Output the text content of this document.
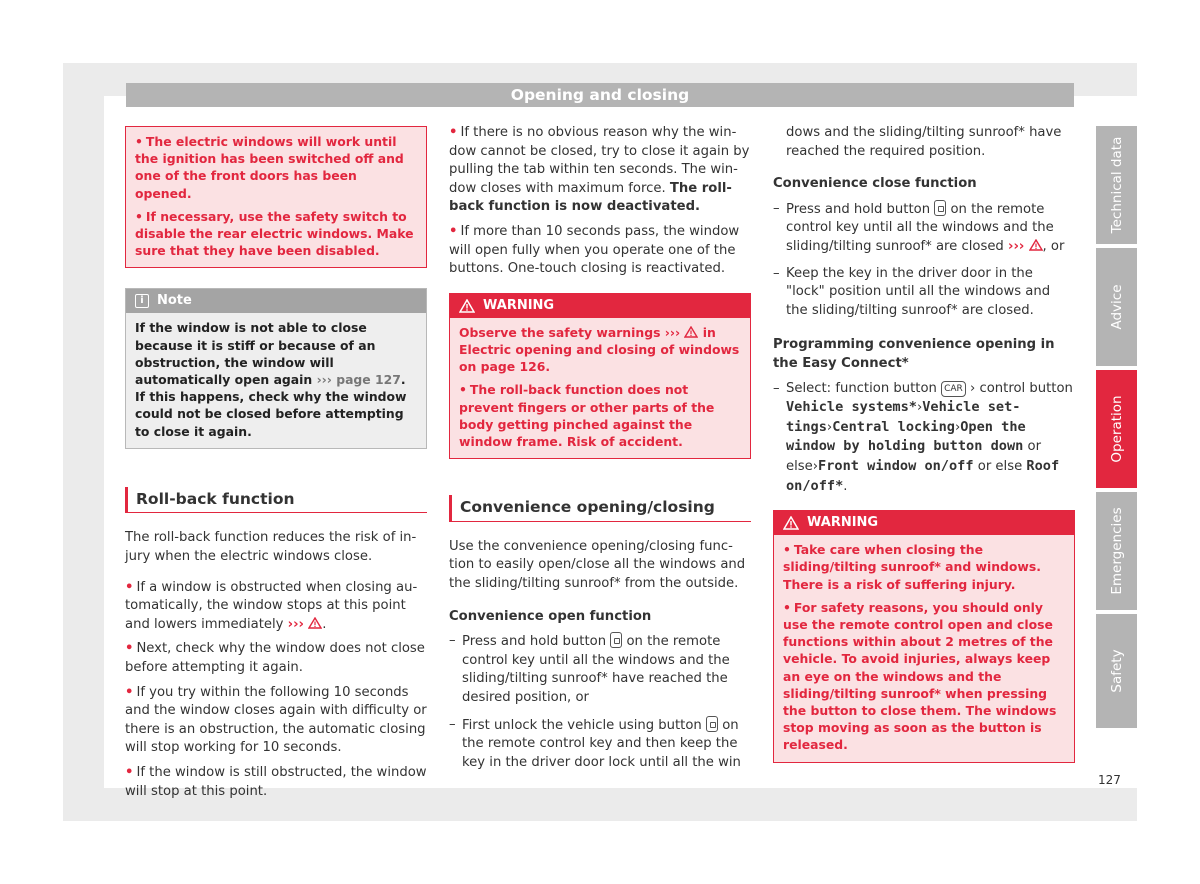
Opening and closing

• The electric windows will work until the ignition has been switched off and one of the front doors has been opened.

• If necessary, use the safety switch to disable the rear electric windows. Make sure that they have been disabled.

i	Note
If the window is not able to close because it is stiff or because of an obstruction, the window will automatically open again ››› page 127. If this happens, check why the window could not be closed before attempting to close it again.
Roll-back function

The roll-back function reduces the risk of injury when the electric windows close.

• If a window is obstructed when closing automatically, the window stops at this point and lowers immediately ››› .

• Next, check why the window does not close before attempting it again.

• If you try within the following 10 seconds and the window closes again with difficulty or there is an obstruction, the automatic closing will stop working for 10 seconds.

• If the window is still obstructed, the window will stop at this point.

• If there is no obvious reason why the window cannot be closed, try to close it again by pulling the tab within ten seconds. The window closes with maximum force. The roll-back function is now deactivated.

• If more than 10 seconds pass, the window will open fully when you operate one of the buttons. One-touch closing is reactivated.

WARNING

Observe the safety warnings ››› in Electric opening and closing of windows on page 126.

• The roll-back function does not prevent fingers or other parts of the body getting pinched against the window frame. Risk of accident.

Convenience opening/closing

Use the convenience opening/closing function to easily open/close all the windows and the sliding/tilting sunroof* from the outside.

Convenience open function

– Press and hold button on the remote control key until all the windows and the sliding/tilting sunroof* have reached the desired position, or
– First unlock the vehicle using button on the remote control key and then keep the key in the driver door lock until all the win

dows and the sliding/tilting sunroof* have reached the required position.

Convenience close function

– Press and hold button on the remote control key until all the windows and the sliding/tilting sunroof* are closed ››› , or
– Keep the key in the driver door in the "lock" position until all the windows and the sliding/tilting sunroof* are closed.

Programming convenience opening in the Easy Connect*

– Select: function button CAR › control button Vehicle systems*›Vehicle settings›Central locking›Open the window by holding button down or else›Front window on/off or else Roof on/off*.
WARNING

• Take care when closing the sliding/tilting sunroof* and windows. There is a risk of suffering injury.

• For safety reasons, you should only use the remote control open and close functions within about 2 metres of the vehicle. To avoid injuries, always keep an eye on the windows and the sliding/tilting sunroof* when pressing the button to close them. The windows stop moving as soon as the button is released.

Technical data
Advice
Operation
Emergencies
Safety
127
